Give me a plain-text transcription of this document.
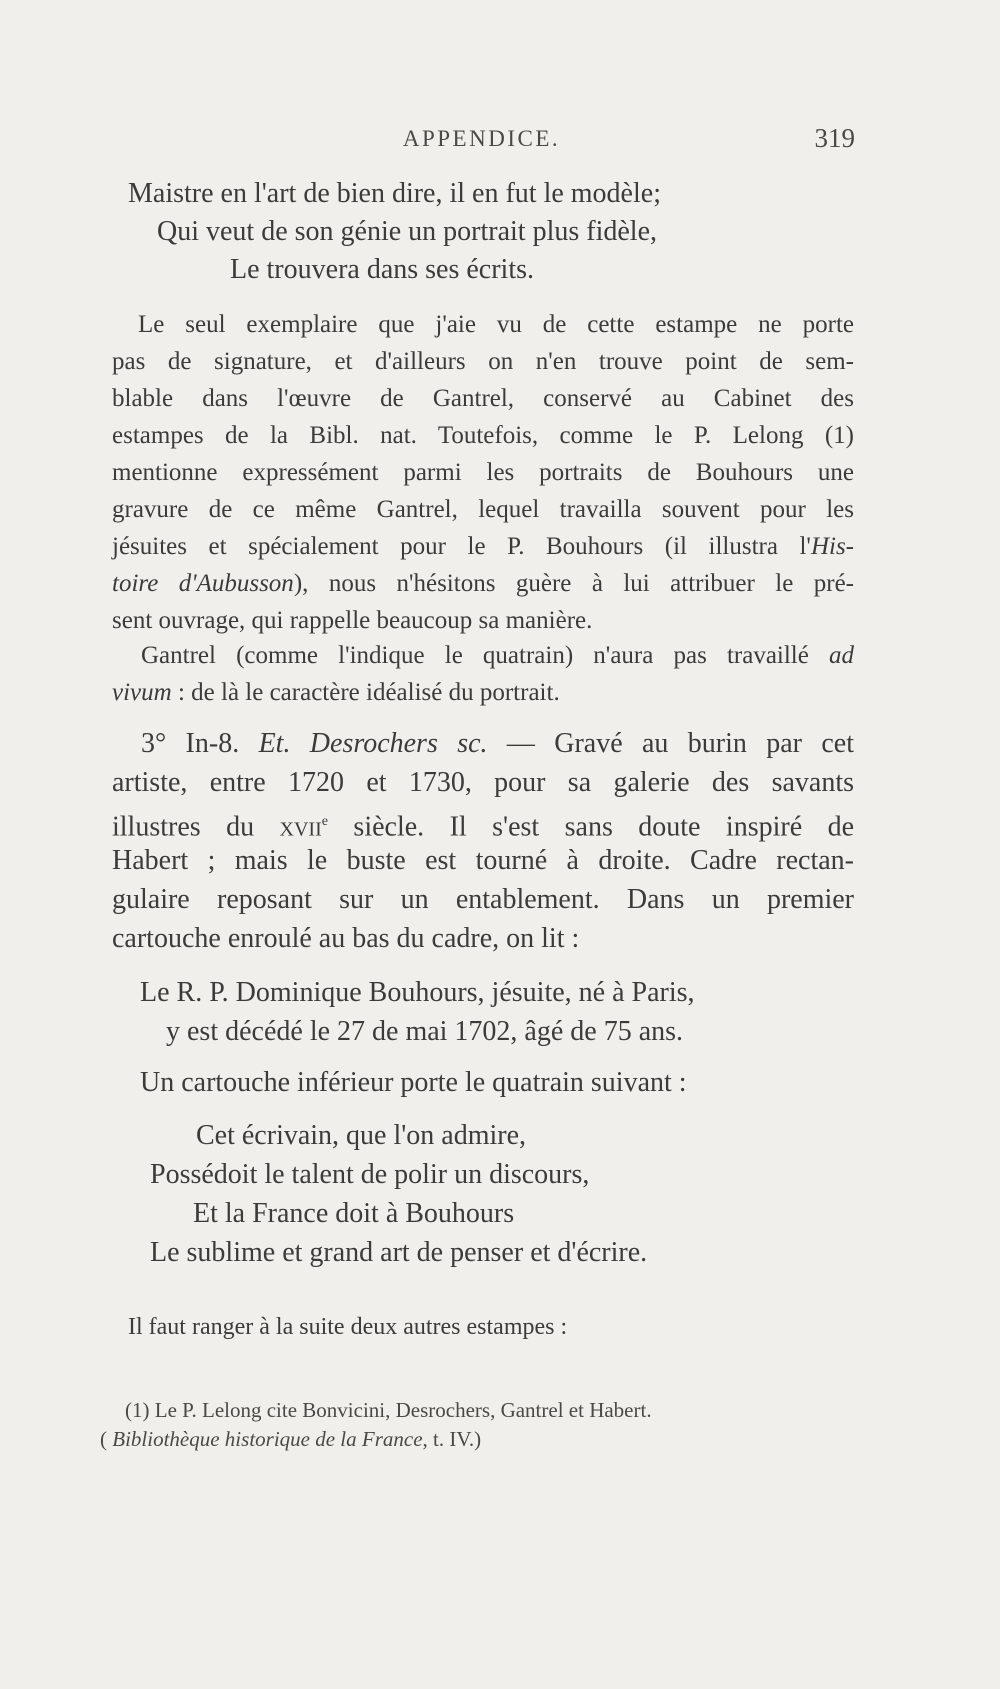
APPENDICE.	319

Maistre en l'art de bien dire, il en fut le modèle;

Qui veut de son génie un portrait plus fidèle,

Le trouvera dans ses écrits.

Le seul exemplaire que j'aie vu de cette estampe ne porte

pas de signature, et d'ailleurs on n'en trouve point de sem-

blable dans l'œuvre de Gantrel, conservé au Cabinet des

estampes de la Bibl. nat. Toutefois, comme le P. Lelong (1)

mentionne expressément parmi les portraits de Bouhours une

gravure de ce même Gantrel, lequel travailla souvent pour les

jésuites et spécialement pour le P. Bouhours (il illustra l'His-

toire d'Aubusson), nous n'hésitons guère à lui attribuer le pré-

sent ouvrage, qui rappelle beaucoup sa manière.

Gantrel (comme l'indique le quatrain) n'aura pas travaillé ad

vivum : de là le caractère idéalisé du portrait.

3° In-8. Et. Desrochers sc. — Gravé au burin par cet

artiste, entre 1720 et 1730, pour sa galerie des savants

illustres du xvii$^e$ siècle. Il s'est sans doute inspiré de

Habert ; mais le buste est tourné à droite. Cadre rectan-

gulaire reposant sur un entablement. Dans un premier

cartouche enroulé au bas du cadre, on lit :

Le R. P. Dominique Bouhours, jésuite, né à Paris,

y est décédé le 27 de mai 1702, âgé de 75 ans.

Un cartouche inférieur porte le quatrain suivant :

Cet écrivain, que l'on admire,

Possédoit le talent de polir un discours,

Et la France doit à Bouhours

Le sublime et grand art de penser et d'écrire.

Il faut ranger à la suite deux autres estampes :

(1) Le P. Lelong cite Bonvicini, Desrochers, Gantrel et Habert.

( Bibliothèque historique de la France, t. IV.)
